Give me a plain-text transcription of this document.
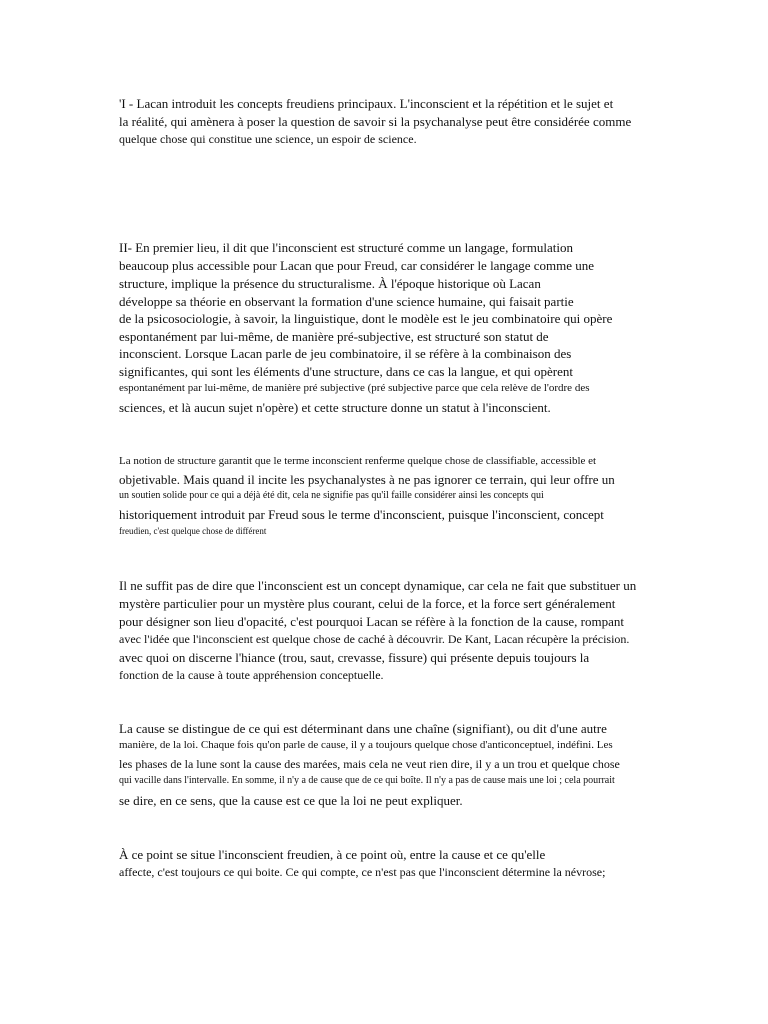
'I - Lacan introduit les concepts freudiens principaux. L'inconscient et la répétition et le sujet et
la réalité, qui amènera à poser la question de savoir si la psychanalyse peut être considérée comme
quelque chose qui constitue une science, un espoir de science.
II- En premier lieu, il dit que l'inconscient est structuré comme un langage, formulation
beaucoup plus accessible pour Lacan que pour Freud, car considérer le langage comme une
structure, implique la présence du structuralisme. À l'époque historique où Lacan
développe sa théorie en observant la formation d'une science humaine, qui faisait partie
de la psicosociologie, à savoir, la linguistique, dont le modèle est le jeu combinatoire qui opère
espontanément par lui-même, de manière pré-subjective, est structuré son statut de
inconscient. Lorsque Lacan parle de jeu combinatoire, il se réfère à la combinaison des
significantes, qui sont les éléments d'une structure, dans ce cas la langue, et qui opèrent
espontanément par lui-même, de manière pré subjective (pré subjective parce que cela relève de l'ordre des
sciences, et là aucun sujet n'opère) et cette structure donne un statut à l'inconscient.
La notion de structure garantit que le terme inconscient renferme quelque chose de classifiable, accessible et
objetivable. Mais quand il incite les psychanalystes à ne pas ignorer ce terrain, qui leur offre un
un soutien solide pour ce qui a déjà été dit, cela ne signifie pas qu'il faille considérer ainsi les concepts qui
historiquement introduit par Freud sous le terme d'inconscient, puisque l'inconscient, concept
freudien, c'est quelque chose de différent
Il ne suffit pas de dire que l'inconscient est un concept dynamique, car cela ne fait que substituer un
mystère particulier pour un mystère plus courant, celui de la force, et la force sert généralement
pour désigner son lieu d'opacité, c'est pourquoi Lacan se réfère à la fonction de la cause, rompant
avec l'idée que l'inconscient est quelque chose de caché à découvrir. De Kant, Lacan récupère la précision.
avec quoi on discerne l'hiance (trou, saut, crevasse, fissure) qui présente depuis toujours la
fonction de la cause à toute appréhension conceptuelle.
La cause se distingue de ce qui est déterminant dans une chaîne (signifiant), ou dit d'une autre
manière, de la loi. Chaque fois qu'on parle de cause, il y a toujours quelque chose d'anticonceptuel, indéfini. Les
les phases de la lune sont la cause des marées, mais cela ne veut rien dire, il y a un trou et quelque chose
qui vacille dans l'intervalle. En somme, il n'y a de cause que de ce qui boîte. Il n'y a pas de cause mais une loi ; cela pourrait
se dire, en ce sens, que la cause est ce que la loi ne peut expliquer.
À ce point se situe l'inconscient freudien, à ce point où, entre la cause et ce qu'elle
affecte, c'est toujours ce qui boite. Ce qui compte, ce n'est pas que l'inconscient détermine la névrose;
